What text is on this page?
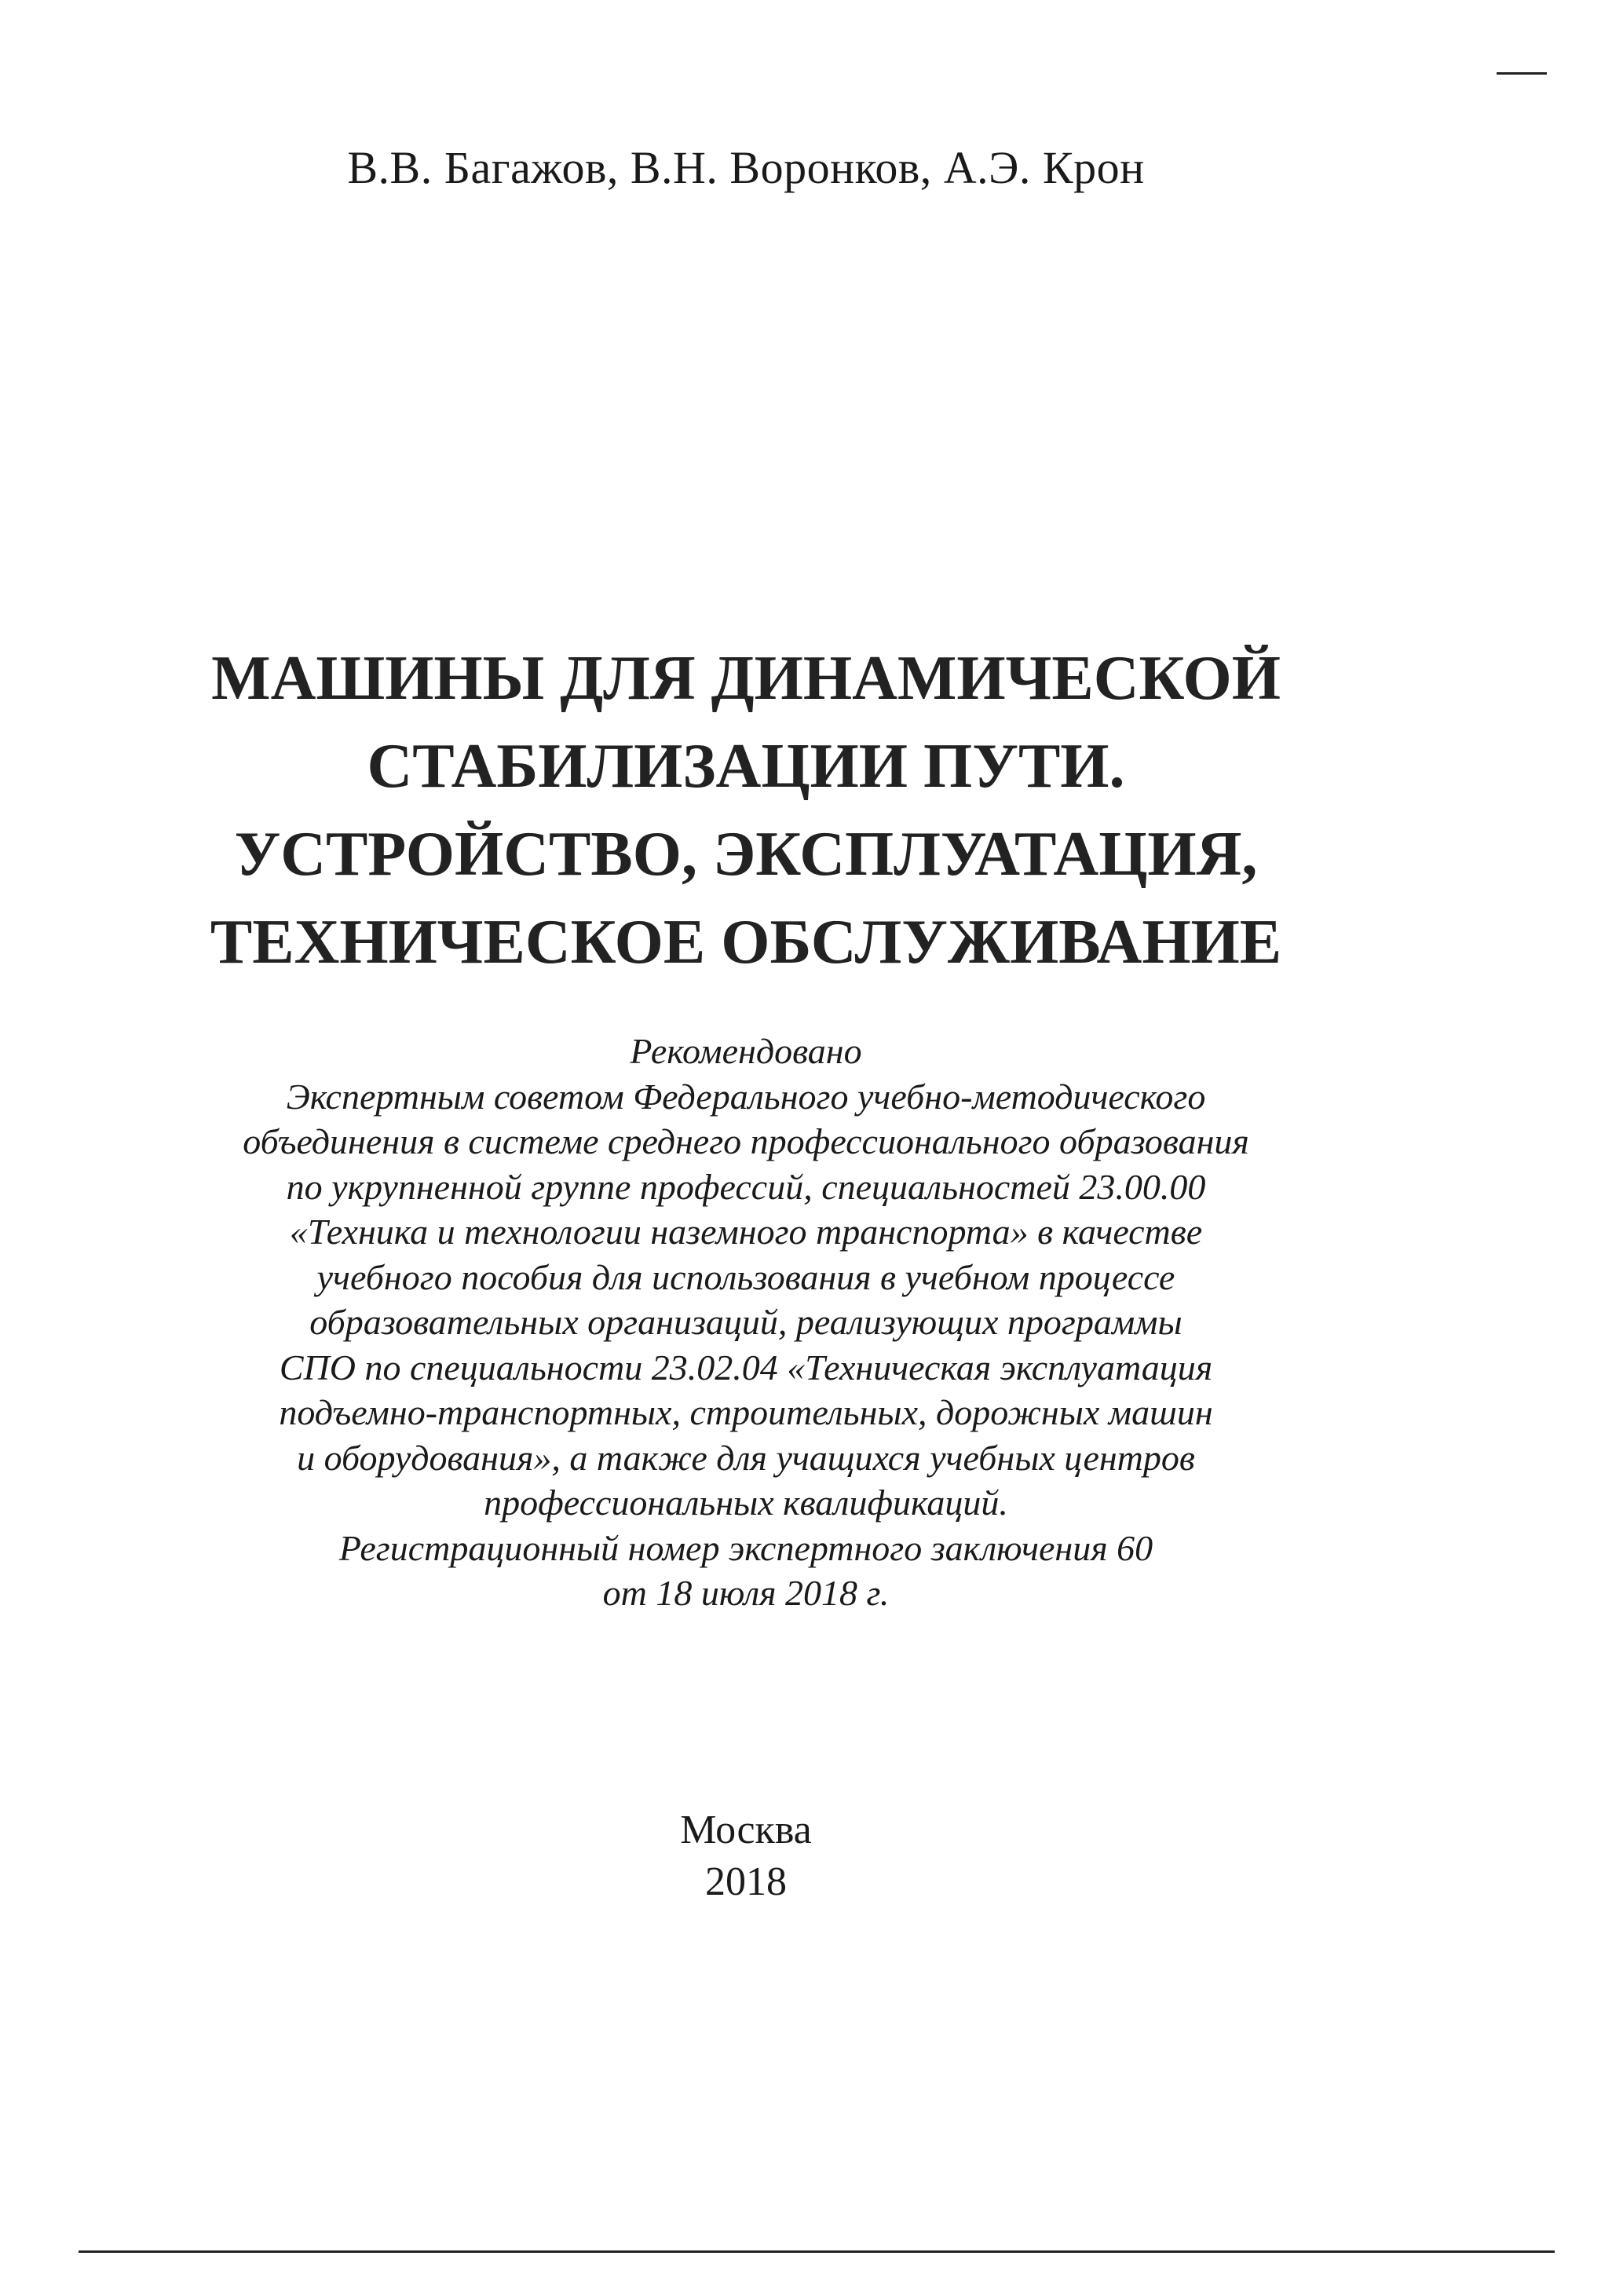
В.В. Багажов, В.Н. Воронков, А.Э. Крон
МАШИНЫ ДЛЯ ДИНАМИЧЕСКОЙ
СТАБИЛИЗАЦИИ ПУТИ.
УСТРОЙСТВО, ЭКСПЛУАТАЦИЯ,
ТЕХНИЧЕСКОЕ ОБСЛУЖИВАНИЕ
Рекомендовано
Экспертным советом Федерального учебно-методического
объединения в системе среднего профессионального образования
по укрупненной группе профессий, специальностей 23.00.00
«Техника и технологии наземного транспорта» в качестве
учебного пособия для использования в учебном процессе
образовательных организаций, реализующих программы
СПО по специальности 23.02.04 «Техническая эксплуатация
подъемно-транспортных, строительных, дорожных машин
и оборудования», а также для учащихся учебных центров
профессиональных квалификаций.
Регистрационный номер экспертного заключения 60
от 18 июля 2018 г.
Москва
2018
